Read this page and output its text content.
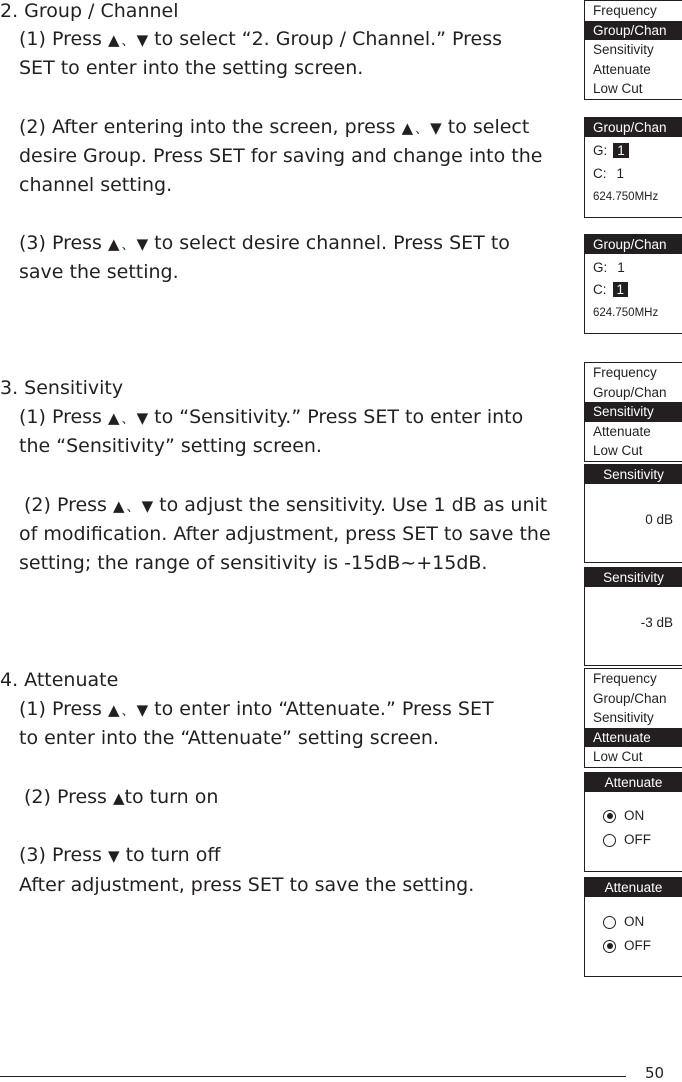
2. Group / Channel
(1) Press ▲ 、 ▼ to select “2. Group / Channel.” Press
SET to enter into the setting screen.
(2) After entering into the screen, press ▲ 、 ▼ to select
desire Group. Press SET for saving and change into the
channel setting.
(3) Press ▲ 、 ▼ to select desire channel. Press SET to
save the setting.
3. Sensitivity
(1) Press ▲ 、 ▼ to “Sensitivity.” Press SET to enter into
the “Sensitivity” setting screen.
(2) Press ▲ 、 ▼ to adjust the sensitivity. Use 1 dB as unit
of modification. After adjustment, press SET to save the
setting; the range of sensitivity is -15dB~+15dB.
4. Attenuate
(1) Press ▲ 、 ▼ to enter into “Attenuate.” Press SET
to enter into the “Attenuate” setting screen.
(2) Press ▲to turn on
(3) Press ▼ to turn off
After adjustment, press SET to save the setting.
Frequency
Group/Chan
Sensitivity
Attenuate
Low Cut
Group/Chan
G: 1
C: 1
624.750MHz
Group/Chan
G: 1
C: 1
624.750MHz
Frequency
Group/Chan
Sensitivity
Attenuate
Low Cut
Sensitivity
0 dB
Sensitivity
-3 dB
Frequency
Group/Chan
Sensitivity
Attenuate
Low Cut
Attenuate
ON
OFF
Attenuate
ON
OFF
50
